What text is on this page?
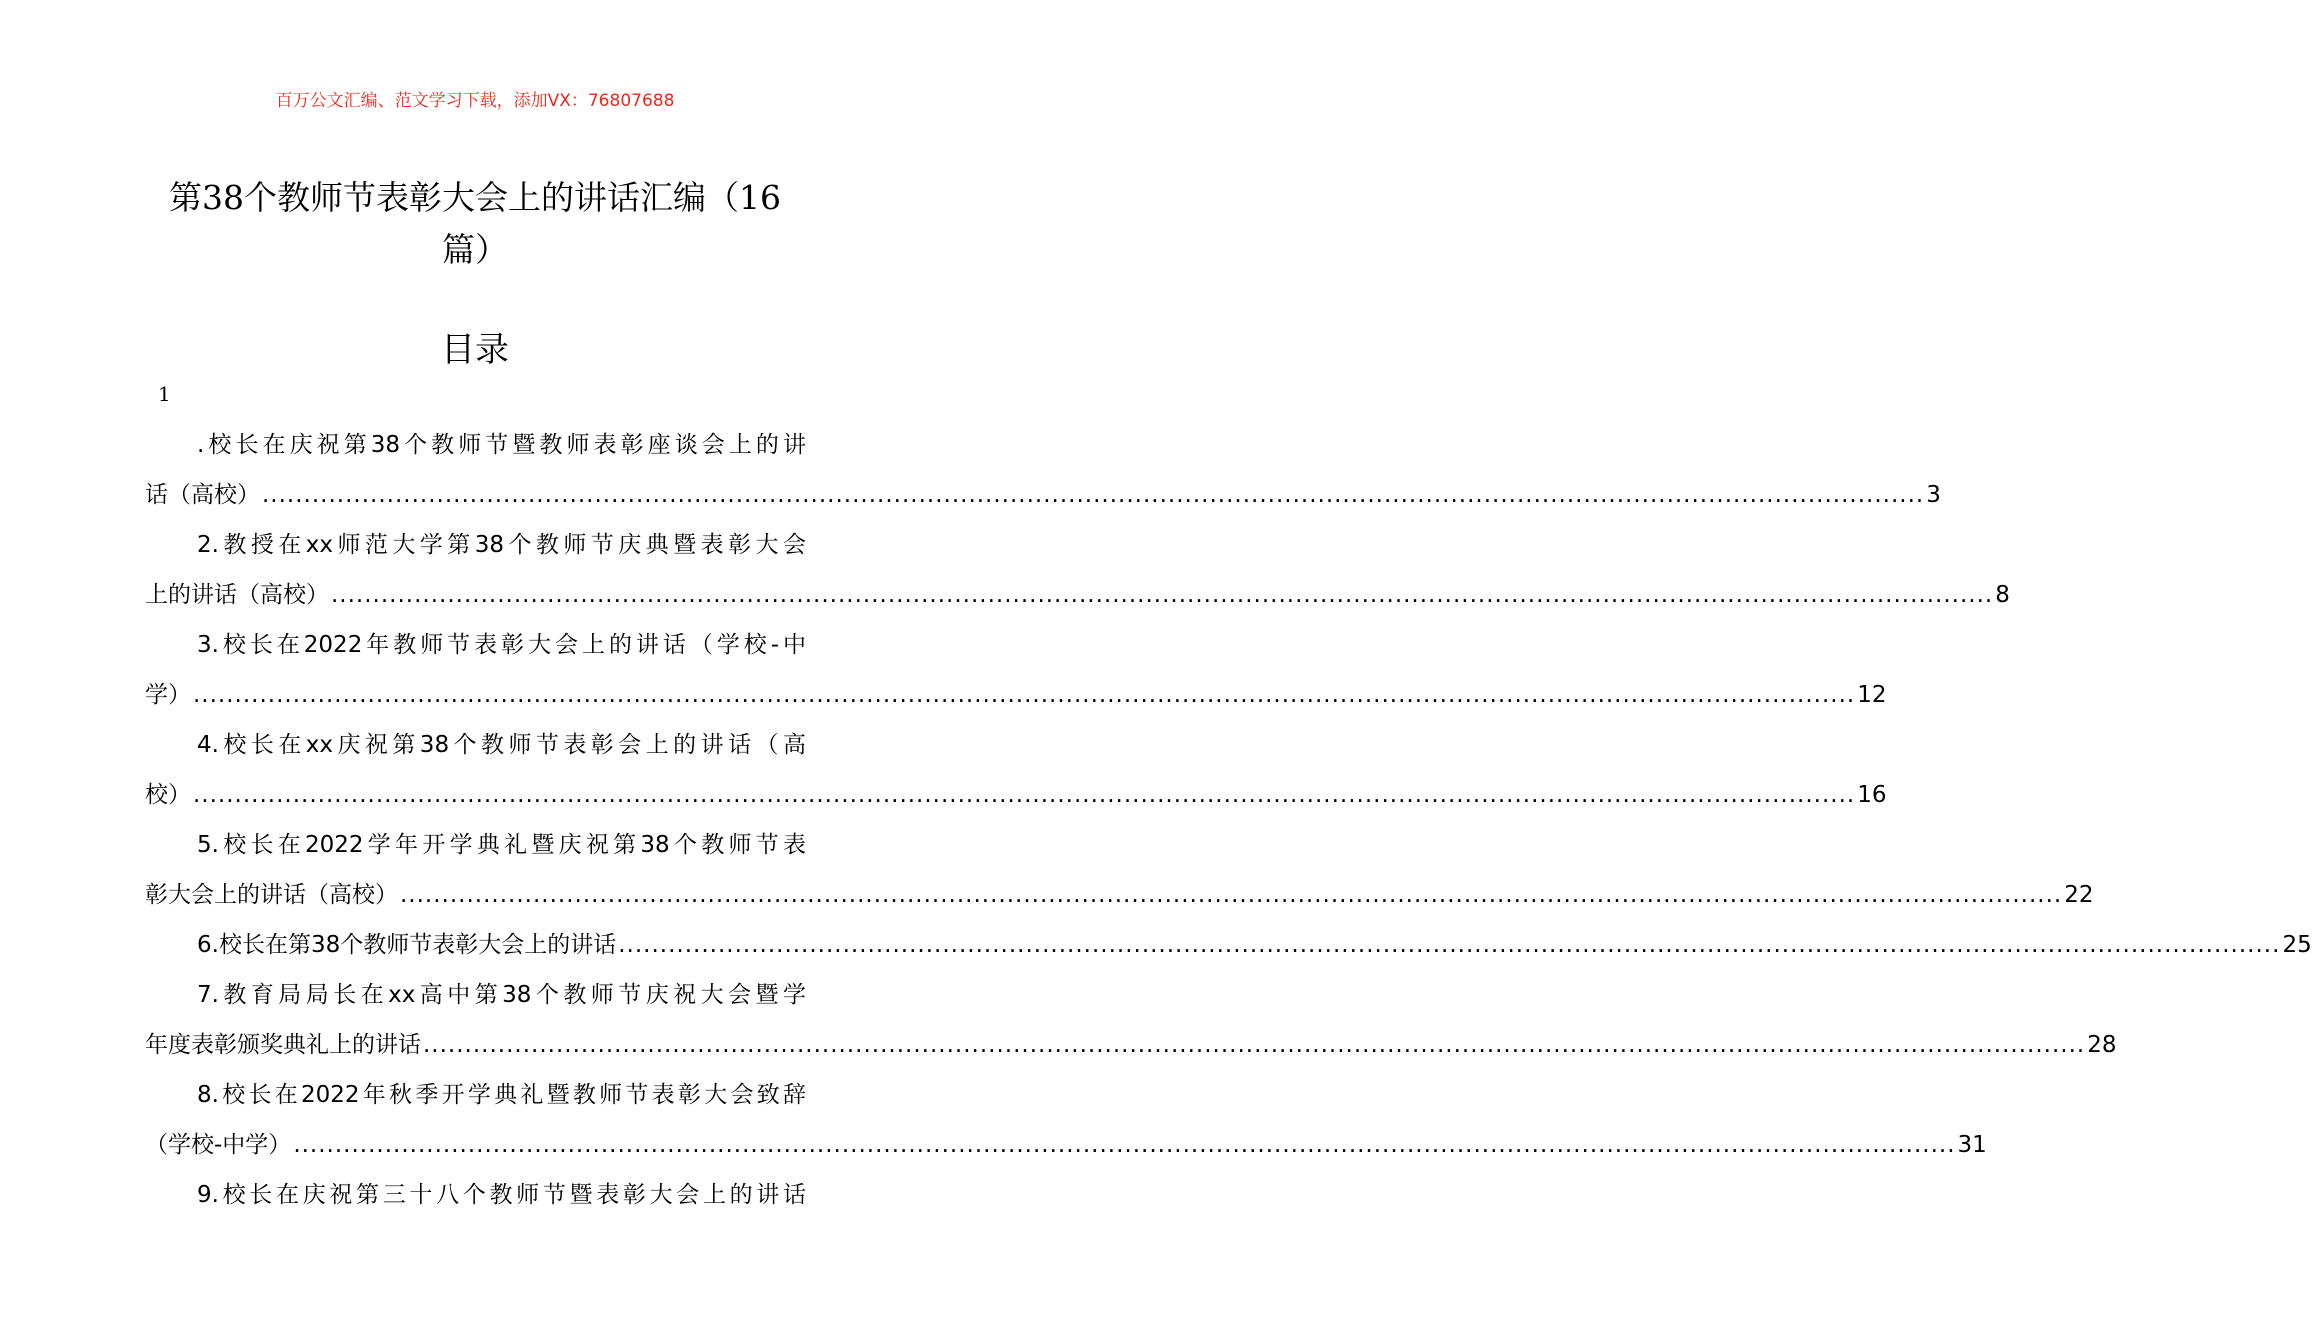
百万公文汇编、范文学习下载，添加VX：76807688
第38个教师节表彰大会上的讲话汇编（16
篇）
目录
1
.校长在庆祝第38个教师节暨教师表彰座谈会上的讲
话（高校） ........................................................................................................................................................................................................ 3
2.教授在xx师范大学第38个教师节庆典暨表彰大会
上的讲话（高校） ........................................................................................................................................................................................................ 8
3.校长在2022年教师节表彰大会上的讲话（学校-中
学） ........................................................................................................................................................................................................ 12
4.校长在xx庆祝第38个教师节表彰会上的讲话（高
校） ........................................................................................................................................................................................................ 16
5.校长在2022学年开学典礼暨庆祝第38个教师节表
彰大会上的讲话（高校） ........................................................................................................................................................................................................ 22
6.校长在第38个教师节表彰大会上的讲话 ........................................................................................................................................................................................................ 25
7.教育局局长在xx高中第38个教师节庆祝大会暨学
年度表彰颁奖典礼上的讲话 ........................................................................................................................................................................................................ 28
8.校长在2022年秋季开学典礼暨教师节表彰大会致辞
（学校-中学） ........................................................................................................................................................................................................ 31
9.校长在庆祝第三十八个教师节暨表彰大会上的讲话
